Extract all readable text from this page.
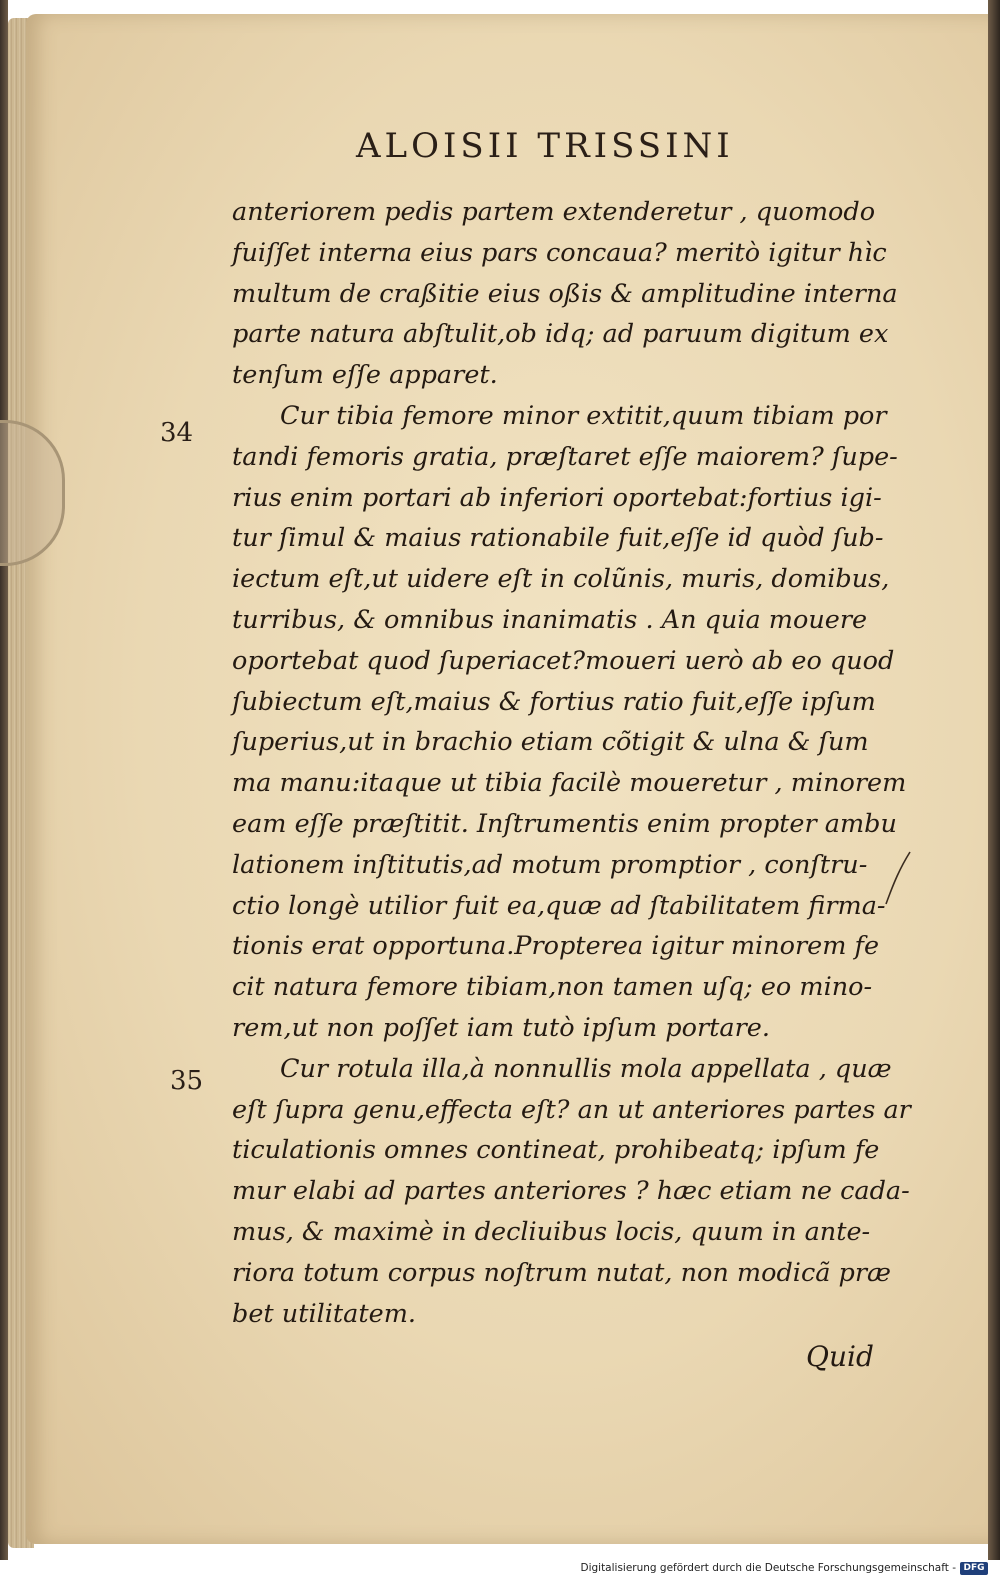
ALOISII TRISSINI
34
35
anteriorem pedis partem extenderetur , quomodo
fuiſſet interna eius pars concaua? meritò igitur hìc
multum de craßitie eius oßis & amplitudine interna
parte natura abſtulit,ob idq; ad paruum digitum ex
tenſum eſſe apparet.
Cur tibia femore minor extitit,quum tibiam por
tandi femoris gratia, præſtaret eſſe maiorem? ſupe-
rius enim portari ab inferiori oportebat:fortius igi-
tur ſimul & maius rationabile fuit,eſſe id quòd ſub-
iectum eſt,ut uidere eſt in colũnis, muris, domibus,
turribus, & omnibus inanimatis . An quia mouere
oportebat quod ſuperiacet?moueri uerò ab eo quod
ſubiectum eſt,maius & fortius ratio fuit,eſſe ipſum
ſuperius,ut in brachio etiam cõtigit & ulna & ſum
ma manu:itaque ut tibia facilè moueretur , minorem
eam eſſe præſtitit. Inſtrumentis enim propter ambu
lationem inſtitutis,ad motum promptior , conſtru-
ctio longè utilior fuit ea,quæ ad ſtabilitatem firma-
tionis erat opportuna.Propterea igitur minorem fe
cit natura femore tibiam,non tamen uſq; eo mino-
rem,ut non poſſet iam tutò ipſum portare.
Cur rotula illa,à nonnullis mola appellata , quæ
eſt ſupra genu,effecta eſt? an ut anteriores partes ar
ticulationis omnes contineat, prohibeatq; ipſum fe
mur elabi ad partes anteriores ? hæc etiam ne cada-
mus, & maximè in decliuibus locis, quum in ante-
riora totum corpus noſtrum nutat, non modicã præ
bet utilitatem.
Quid
Digitalisierung gefördert durch die Deutsche Forschungsgemeinschaft - DFG
